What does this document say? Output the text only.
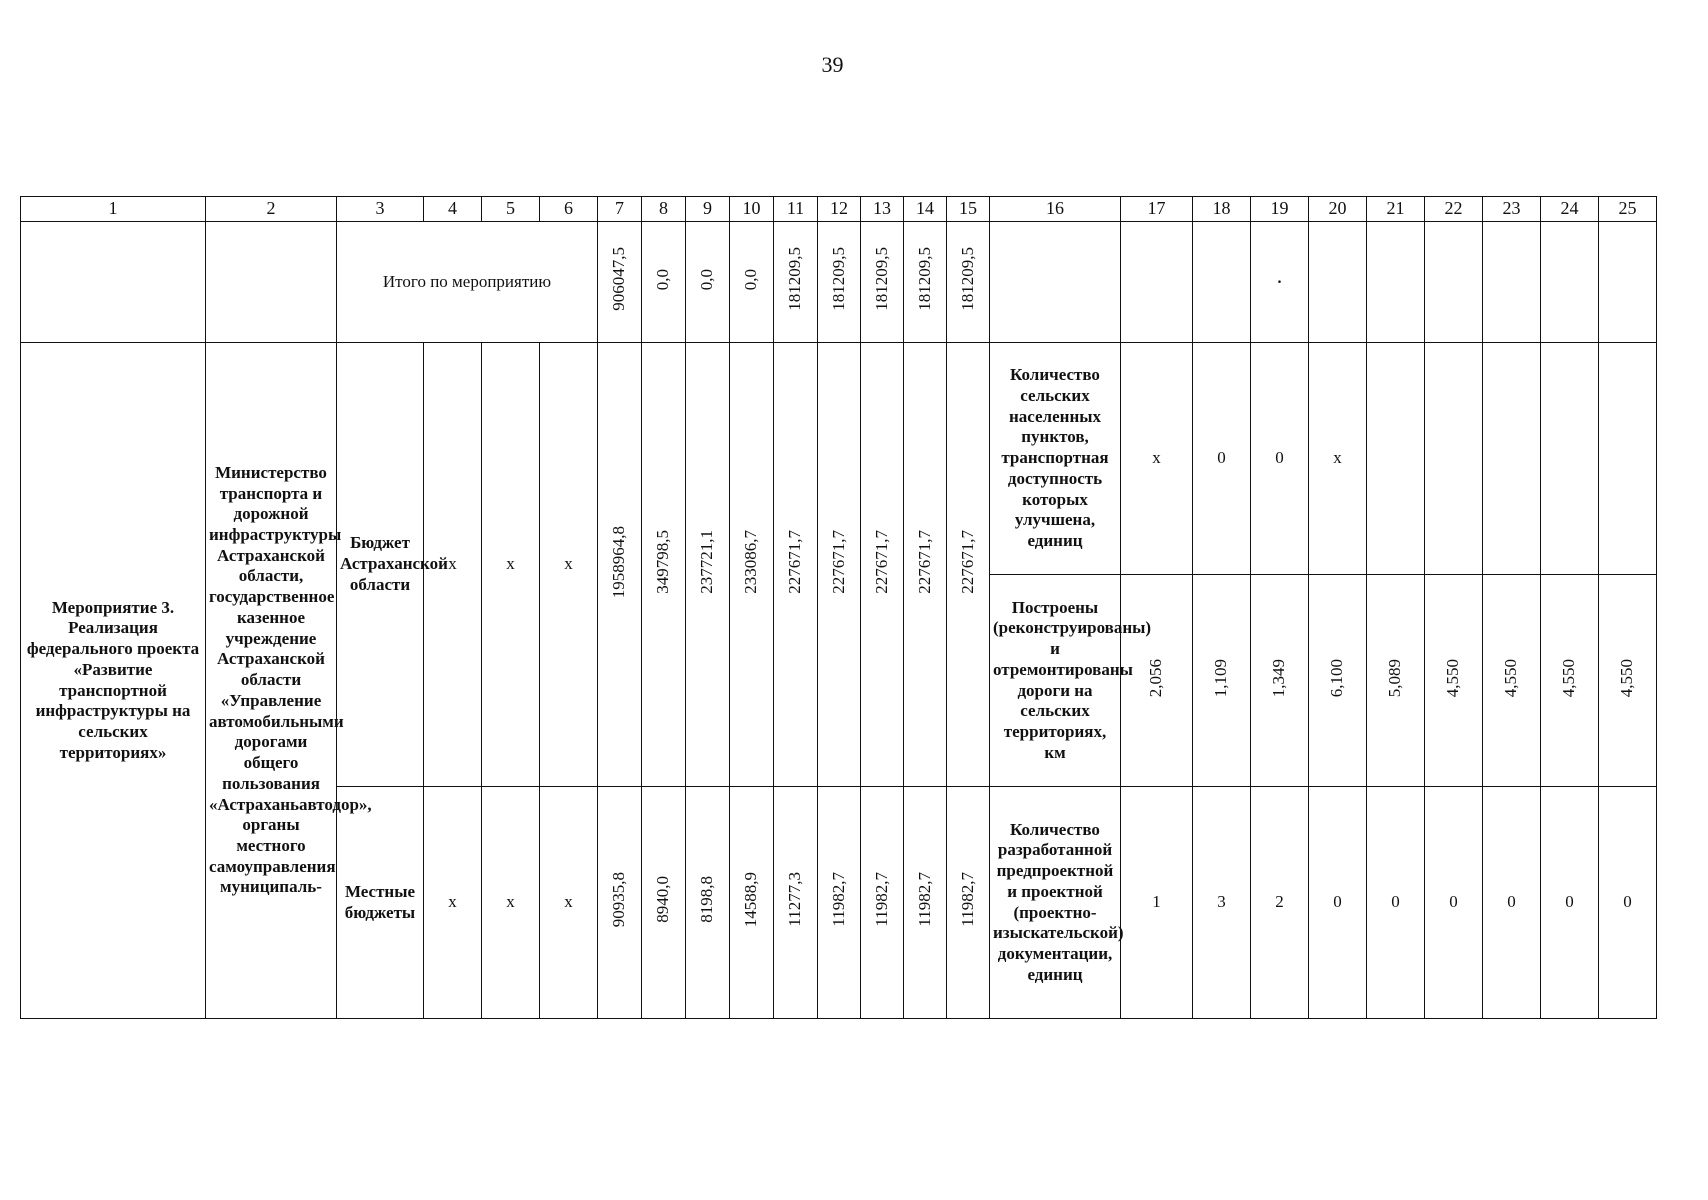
39
1	2	3	4	5	6	7	8	9	10	11	12	13	14	15	16	17	18	19	20	21	22	23	24	25
		Итого по мероприятию				906047,5	0,0	0,0	0,0	181209,5	181209,5	181209,5	181209,5	181209,5				.						
Мероприятие 3. Реализация федерального проекта «Развитие транспортной инфраструктуры на сельских территориях»	Министерство транспорта и дорожной инфраструктуры Астраханской области, государственное казенное учреждение Астраханской области «Управление автомобильными дорогами общего пользования «Астраханьавтодор», органы местного самоуправления муниципаль-	Бюджет Астраханской области	х	х	х	1958964,8	349798,5	237721,1	233086,7	227671,7	227671,7	227671,7	227671,7	227671,7	Количество сельских населенных пунктов, транспортная доступность которых улучшена, единиц	х	0	0	х					
															Построены (реконструированы) и отремонтированы дороги на сельских территориях, км	2,056	1,109	1,349	6,100	5,089	4,550	4,550	4,550	4,550
		Местные бюджеты	х	х	х	90935,8	8940,0	8198,8	14588,9	11277,3	11982,7	11982,7	11982,7	11982,7	Количество разработанной предпроектной и проектной (проектно-изыскательской) документации, единиц	1	3	2	0	0	0	0	0	0
